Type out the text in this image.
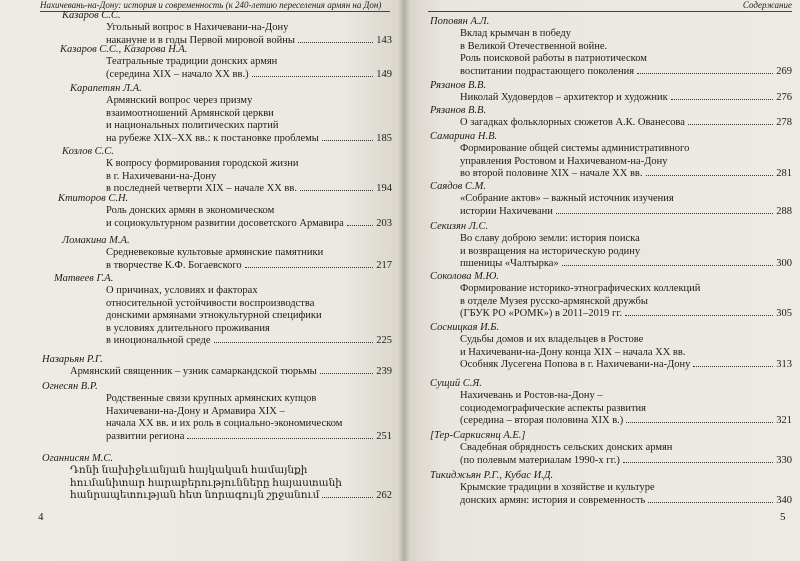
Нахичевань-на-Дону: история и современность (к 240-летию переселения армян на Дон)
Казаров С.С.
Угольный вопрос в Нахичевани-на-Дону
накануне и в годы Первой мировой войны	143
Казаров С.С., Казарова Н.А.
Театральные традиции донских армян
(середина XIX – начало XX вв.)	149
Карапетян Л.А.
Армянский вопрос через призму
взаимоотношений Армянской церкви
и национальных политических партий
на рубеже XIX–XX вв.: к постановке проблемы	185
Козлов С.С.
К вопросу формирования городской жизни
в г. Нахичевани-на-Дону
в последней четверти XIX – начале XX вв.	194
Ктиторов С.Н.
Роль донских армян в экономическом
и социокультурном развитии досоветского Армавира	203
Ломакина М.А.
Средневековые культовые армянские памятники
в творчестве К.Ф. Богаевского	217
Матвеев Г.А.
О причинах, условиях и факторах
относительной устойчивости воспроизводства
донскими армянами этнокультурной специфики
в условиях длительного проживания
в иноциональной среде	225
Назарьян Р.Г.
Армянский священник – узник самаркандской тюрьмы	239
Огнесян В.Р.
Родственные связи крупных армянских купцов
Нахичевани-на-Дону и Армавира XIX –
начала XX вв. и их роль в социально-экономическом
развитии региона	251
Оганнисян М.С.
Դոնի նախիջևանյան հայկական համայնքի
հումանիտար հարաբերությունները հայաստանի
հանրապետության հետ նորագույն շրջանում	262
4
Содержание
Поповян А.Л.
Вклад крымчан в победу
в Великой Отечественной войне.
Роль поисковой работы в патриотическом
воспитании подрастающего поколения	269
Рязанов В.В.
Николай Худовердов – архитектор и художник	276
Рязанов В.В.
О загадках фольклорных сюжетов А.К. Ованесова	278
Самарина Н.В.
Формирование общей системы административного
управления Ростовом и Нахичеваном-на-Дону
во второй половине XIX – начале XX вв.	281
Саядов С.М.
«Собрание актов» – важный источник изучения
истории Нахичевани	288
Секизян Л.С.
Во славу доброю земли: история поиска
и возвращения на историческую родину
пшеницы «Чалтырка»	300
Соколова М.Ю.
Формирование историко-этнографических коллекций
в отделе Музея русско-армянской дружбы
(ГБУК РО «РОМК») в 2011–2019 гг.	305
Сосницкая И.Б.
Судьбы домов и их владельцев в Ростове
и Нахичевани-на-Дону конца XIX – начала XX вв.
Особняк Лусегена Попова в г. Нахичевани-на-Дону	313
Сущий С.Я.
Нахичевань и Ростов-на-Дону –
социодемографические аспекты развития
(середина – вторая половина XIX в.)	321
[Тер-Саркисянц А.Е.]
Свадебная обрядность сельских донских армян
(по полевым материалам 1990-х гг.)	330
Тикиджьян Р.Г., Кубас И.Д.
Крымские традиции в хозяйстве и культуре
донских армян: история и современность	340
5
